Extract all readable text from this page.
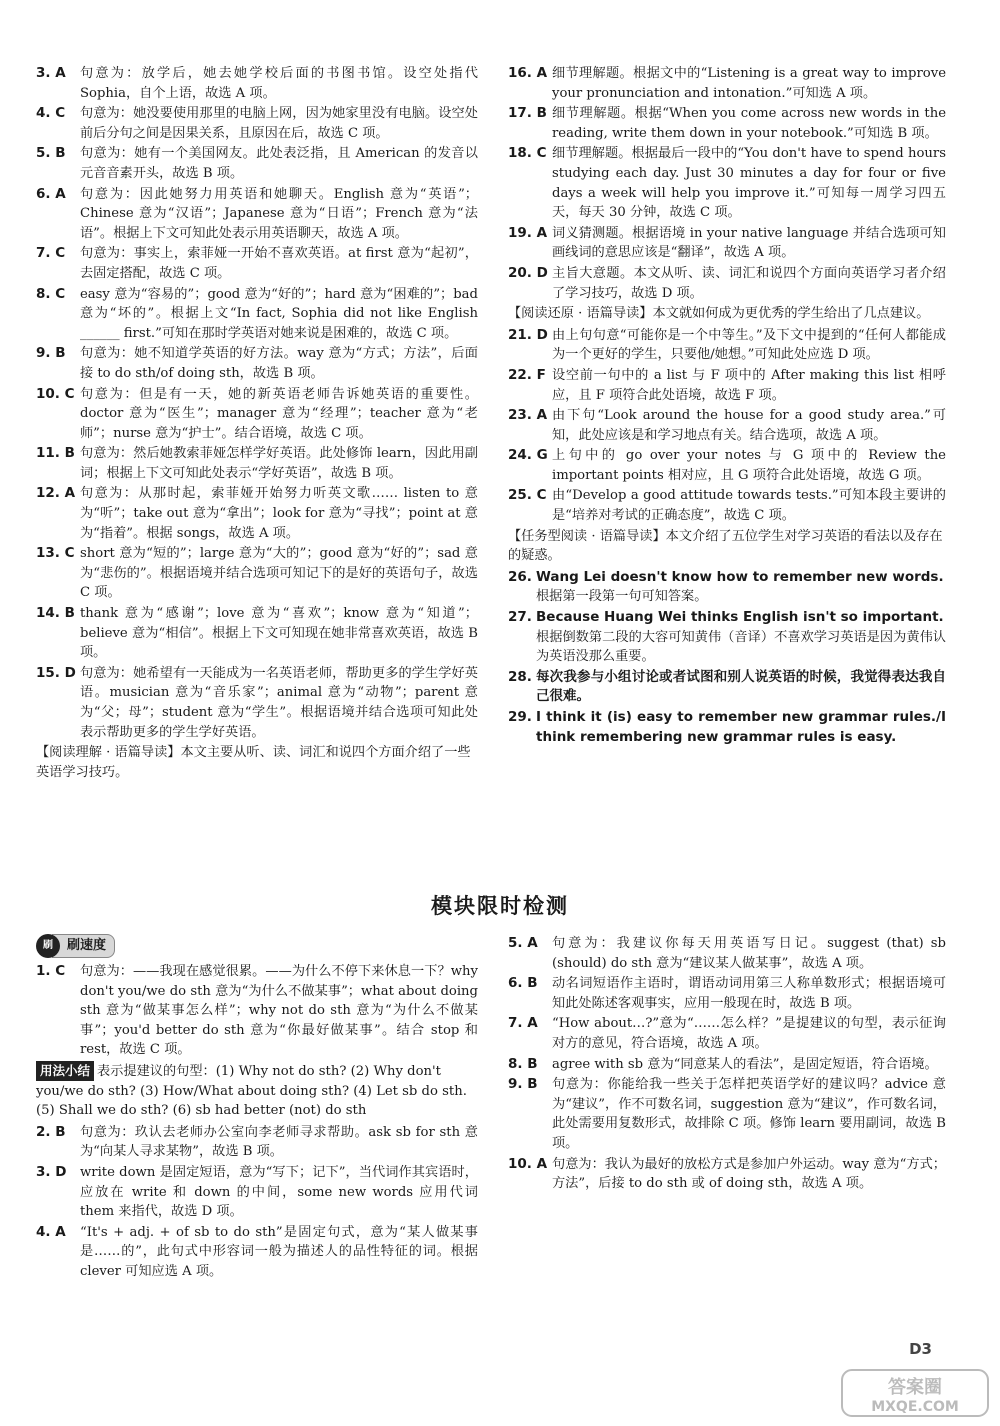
3. A	句意为：放学后，她去她学校后面的书图书馆。设空处指代 Sophia，自个上语，故选 A 项。
4. C	句意为：她没要使用那里的电脑上网，因为她家里没有电脑。设空处前后分句之间是因果关系，且原因在后，故选 C 项。
5. B	句意为：她有一个美国网友。此处表泛指，且 American 的发音以元音音素开头，故选 B 项。
6. A	句意为：因此她努力用英语和她聊天。English 意为“英语”；Chinese 意为“汉语”；Japanese 意为“日语”；French 意为“法语”。根据上下文可知此处表示用英语聊天，故选 A 项。
7. C	句意为：事实上，索菲娅一开始不喜欢英语。at first 意为“起初”，去固定搭配，故选 C 项。
8. C	easy 意为“容易的”；good 意为“好的”；hard 意为“困难的”；bad 意为“坏的”。根据上文“In fact, Sophia did not like English ______ first.”可知在那时学英语对她来说是困难的，故选 C 项。
9. B	句意为：她不知道学英语的好方法。way 意为“方式；方法”，后面接 to do sth/of doing sth，故选 B 项。
10. C 句意为：但是有一天，她的新英语老师告诉她英语的重要性。doctor 意为“医生”；manager 意为“经理”；teacher 意为“老师”；nurse 意为“护士”。结合语境，故选 C 项。
11. B 句意为：然后她教索菲娅怎样学好英语。此处修饰 learn，因此用副词；根据上下文可知此处表示“学好英语”，故选 B 项。
12. A 句意为：从那时起，索菲娅开始努力听英文歌…… listen to 意为“听”；take out 意为“拿出”；look for 意为“寻找”；point at 意为“指着”。根据 songs，故选 A 项。
13. C short 意为“短的”；large 意为“大的”；good 意为“好的”；sad 意为“悲伤的”。根据语境并结合选项可知记下的是好的英语句子，故选 C 项。
14. B thank 意为“感谢”；love 意为“喜欢”；know 意为“知道”；believe 意为“相信”。根据上下文可知现在她非常喜欢英语，故选 B 项。
15. D 句意为：她希望有一天能成为一名英语老师，帮助更多的学生学好英语。musician 意为“音乐家”；animal 意为“动物”；parent 意为“父；母”；student 意为“学生”。根据语境并结合选项可知此处表示帮助更多的学生学好英语。
【阅读理解 · 语篇导读】本文主要从听、读、词汇和说四个方面介绍了一些英语学习技巧。
16. A 细节理解题。根据文中的“Listening is a great way to improve your pronunciation and intonation.”可知选 A 项。
17. B 细节理解题。根据“When you come across new words in the reading, write them down in your notebook.”可知选 B 项。
18. C 细节理解题。根据最后一段中的“You don't have to spend hours studying each day. Just 30 minutes a day for four or five days a week will help you improve it.”可知每一周学习四五天，每天 30 分钟，故选 C 项。
19. A 词义猜测题。根据语境 in your native language 并结合选项可知画线词的意思应该是“翻译”，故选 A 项。
20. D 主旨大意题。本文从听、读、词汇和说四个方面向英语学习者介绍了学习技巧，故选 D 项。
【阅读还原 · 语篇导读】本文就如何成为更优秀的学生给出了几点建议。
21. D 由上句句意“可能你是一个中等生。”及下文中提到的“任何人都能成为一个更好的学生，只要他/她想。”可知此处应选 D 项。
22. F 设空前一句中的 a list 与 F 项中的 After making this list 相呼应，且 F 项符合此处语境，故选 F 项。
23. A 由下句“Look around the house for a good study area.”可知，此处应该是和学习地点有关。结合选项，故选 A 项。
24. G 上句中的 go over your notes 与 G 项中的 Review the important points 相对应，且 G 项符合此处语境，故选 G 项。
25. C 由“Develop a good attitude towards tests.”可知本段主要讲的是“培养对考试的正确态度”，故选 C 项。
【任务型阅读 · 语篇导读】本文介绍了五位学生对学习英语的看法以及存在的疑惑。
26. Wang Lei doesn't know how to remember new words.
根据第一段第一句可知答案。
27. Because Huang Wei thinks English isn't so important.
根据倒数第二段的大容可知黄伟（音译）不喜欢学习英语是因为黄伟认为英语没那么重要。
28. 每次我参与小组讨论或者试图和别人说英语的时候，我觉得表达我自己很难。
29. I think it (is) easy to remember new grammar rules./I think remembering new grammar rules is easy.
模块限时检测
刷	刷速度
1. C	句意为：——我现在感觉很累。——为什么不停下来休息一下？why don't you/we do sth 意为“为什么不做某事”；what about doing sth 意为“做某事怎么样”；why not do sth 意为“为什么不做某事”；you'd better do sth 意为“你最好做某事”。结合 stop 和 rest，故选 C 项。
用法小结 表示提建议的句型：(1) Why not do sth? (2) Why don't you/we do sth? (3) How/What about doing sth? (4) Let sb do sth. (5) Shall we do sth? (6) sb had better (not) do sth
2. B	句意为：玖认去老师办公室向李老师寻求帮助。ask sb for sth 意为“向某人寻求某物”，故选 B 项。
3. D	write down 是固定短语，意为“写下；记下”，当代词作其宾语时，应放在 write 和 down 的中间，some new words 应用代词 them 来指代，故选 D 项。
4. A	“It's + adj. + of sb to do sth”是固定句式，意为“某人做某事是……的”，此句式中形容词一般为描述人的品性特征的词。根据 clever 可知应选 A 项。
5. A	句意为：我建议你每天用英语写日记。suggest (that) sb (should) do sth 意为“建议某人做某事”，故选 A 项。
6. B	动名词短语作主语时，谓语动词用第三人称单数形式；根据语境可知此处陈述客观事实，应用一般现在时，故选 B 项。
7. A	“How about…?”意为“……怎么样？”是提建议的句型，表示征询对方的意见，符合语境，故选 A 项。
8. B	agree with sb 意为“同意某人的看法”，是固定短语，符合语境。
9. B	句意为：你能给我一些关于怎样把英语学好的建议吗？advice 意为“建议”，作不可数名词，suggestion 意为“建议”，作可数名词，此处需要用复数形式，故排除 C 项。修饰 learn 要用副词，故选 B 项。
10. A 句意为：我认为最好的放松方式是参加户外运动。way 意为“方式；方法”，后接 to do sth 或 of doing sth，故选 A 项。
D3
答案圈
MXQE.COM
